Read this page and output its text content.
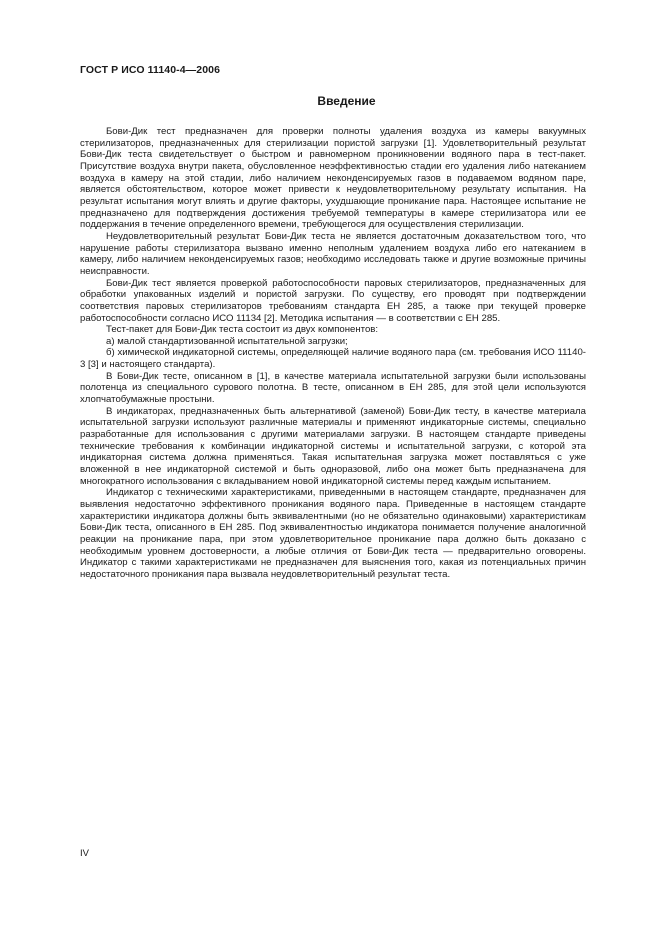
ГОСТ Р ИСО 11140-4—2006
Введение

Бови-Дик тест предназначен для проверки полноты удаления воздуха из камеры вакуумных стерилизаторов, предназначенных для стерилизации пористой загрузки [1]. Удовлетворительный результат Бови-Дик теста свидетельствует о быстром и равномерном проникновении водяного пара в тест-пакет. Присутствие воздуха внутри пакета, обусловленное неэффективностью стадии его удаления либо натеканием воздуха в камеру на этой стадии, либо наличием неконденсируемых газов в подаваемом водяном паре, является обстоятельством, которое может привести к неудовлетворительному результату испытания. На результат испытания могут влиять и другие факторы, ухудшающие проникание пара. Настоящее испытание не предназначено для подтверждения достижения требуемой температуры в камере стерилизатора или ее поддержания в течение определенного времени, требующегося для осуществления стерилизации.

Неудовлетворительный результат Бови-Дик теста не является достаточным доказательством того, что нарушение работы стерилизатора вызвано именно неполным удалением воздуха либо его натеканием в камеру, либо наличием неконденсируемых газов; необходимо исследовать также и другие возможные причины неисправности.

Бови-Дик тест является проверкой работоспособности паровых стерилизаторов, предназначенных для обработки упакованных изделий и пористой загрузки. По существу, его проводят при подтверждении соответствия паровых стерилизаторов требованиям стандарта ЕН 285, а также при текущей проверке работоспособности согласно ИСО 11134 [2]. Методика испытания — в соответствии с ЕН 285.

Тест-пакет для Бови-Дик теста состоит из двух компонентов:

а) малой стандартизованной испытательной загрузки;

б) химической индикаторной системы, определяющей наличие водяного пара (см. требования ИСО 11140-3 [3] и настоящего стандарта).

В Бови-Дик тесте, описанном в [1], в качестве материала испытательной загрузки были использованы полотенца из специального сурового полотна. В тесте, описанном в ЕН 285, для этой цели используются хлопчатобумажные простыни.

В индикаторах, предназначенных быть альтернативой (заменой) Бови-Дик тесту, в качестве материала испытательной загрузки используют различные материалы и применяют индикаторные системы, специально разработанные для использования с другими материалами загрузки. В настоящем стандарте приведены технические требования к комбинации индикаторной системы и испытательной загрузки, с которой эта индикаторная система должна применяться. Такая испытательная загрузка может поставляться с уже вложенной в нее индикаторной системой и быть одноразовой, либо она может быть предназначена для многократного использования с вкладыванием новой индикаторной системы перед каждым испытанием.

Индикатор с техническими характеристиками, приведенными в настоящем стандарте, предназначен для выявления недостаточно эффективного проникания водяного пара. Приведенные в настоящем стандарте характеристики индикатора должны быть эквивалентными (но не обязательно одинаковыми) характеристикам Бови-Дик теста, описанного в ЕН 285. Под эквивалентностью индикатора понимается получение аналогичной реакции на проникание пара, при этом удовлетворительное проникание пара должно быть доказано с необходимым уровнем достоверности, а любые отличия от Бови-Дик теста — предварительно оговорены. Индикатор с такими характеристиками не предназначен для выяснения того, какая из потенциальных причин недостаточного проникания пара вызвала неудовлетворительный результат теста.

IV
